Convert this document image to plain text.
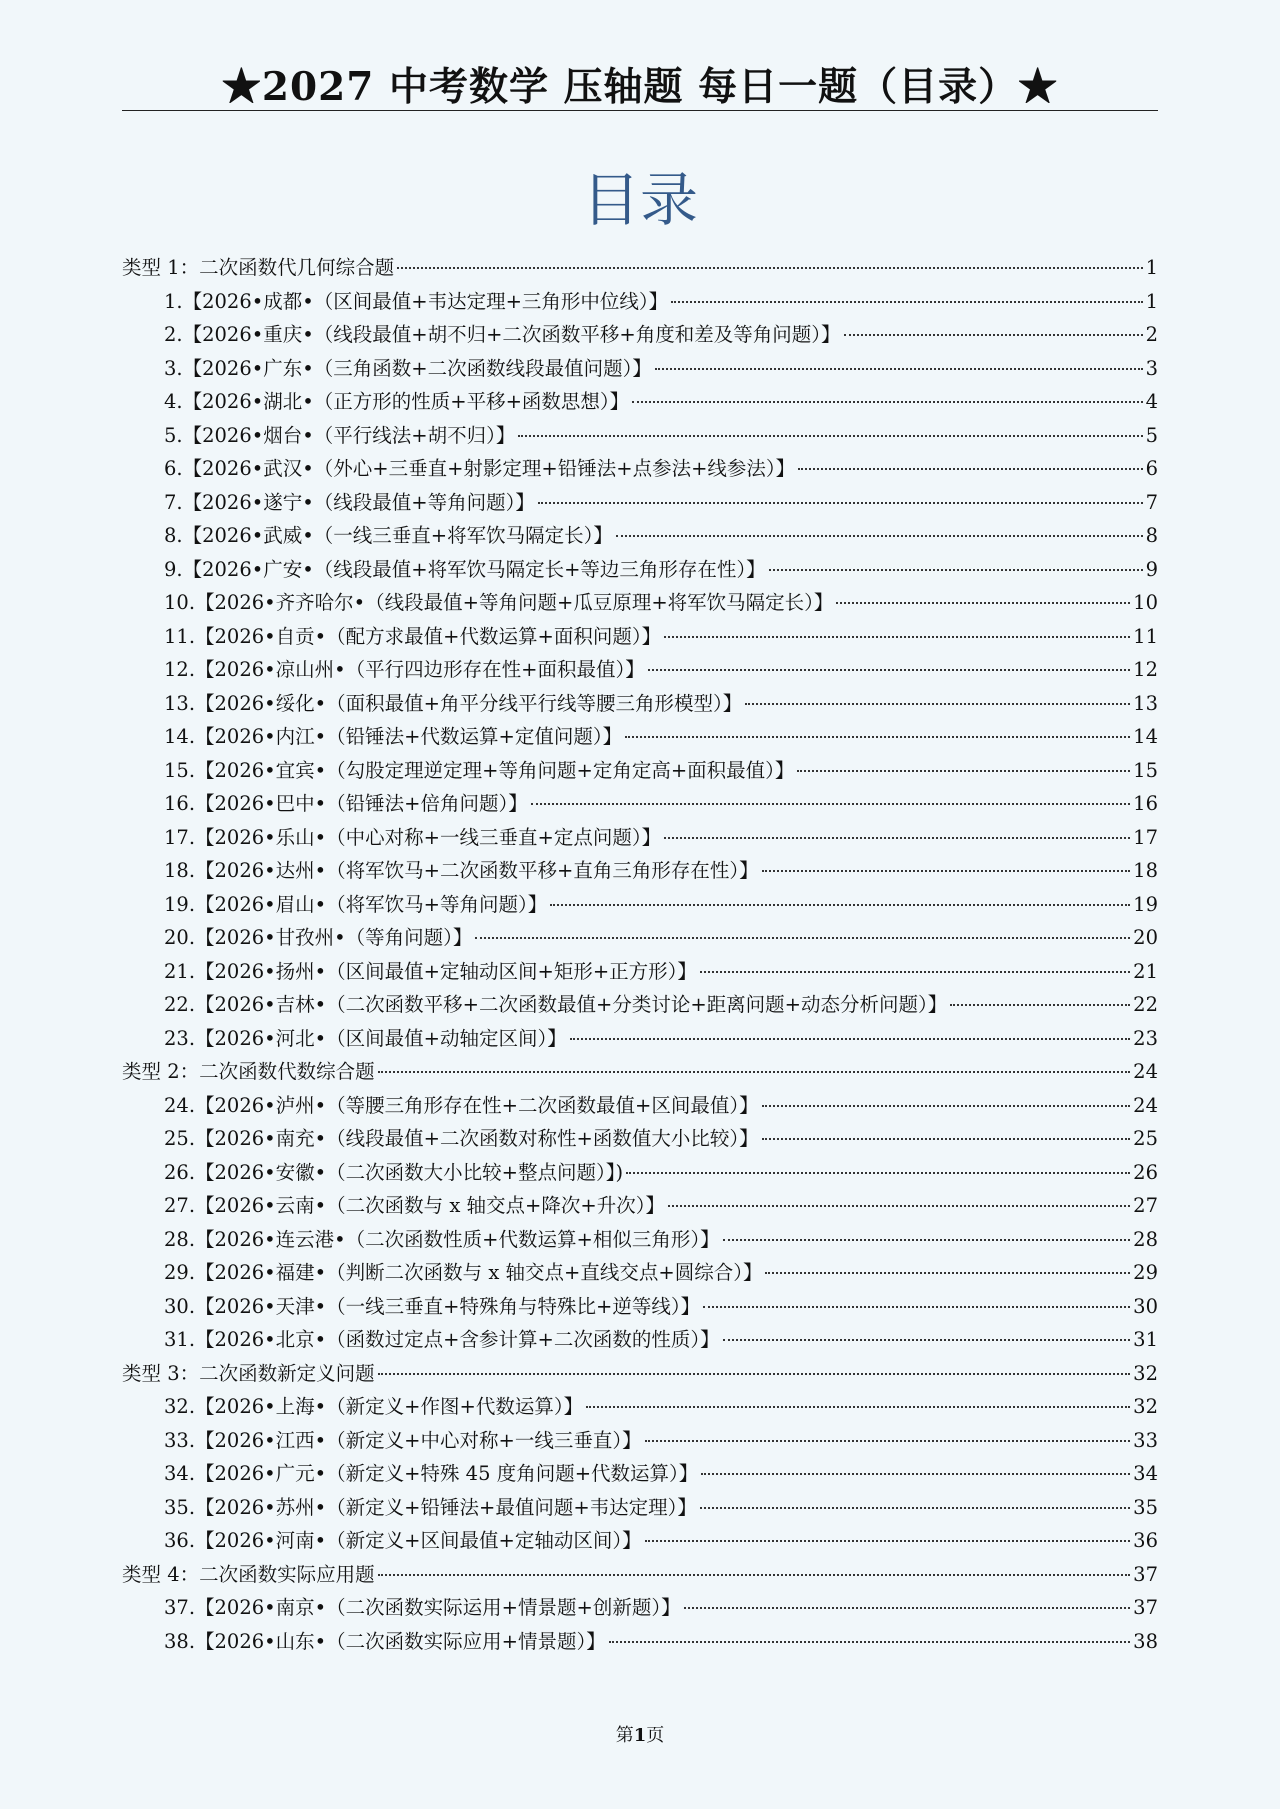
★2027 中考数学 压轴题 每日一题（目录）★
目录
类型 1：二次函数代几何综合题	1
1.【2026•成都•（区间最值+韦达定理+三角形中位线）】	1
2.【2026•重庆•（线段最值+胡不归+二次函数平移+角度和差及等角问题）】	2
3.【2026•广东•（三角函数+二次函数线段最值问题）】	3
4.【2026•湖北•（正方形的性质+平移+函数思想）】	4
5.【2026•烟台•（平行线法+胡不归）】	5
6.【2026•武汉•（外心+三垂直+射影定理+铅锤法+点参法+线参法）】	6
7.【2026•遂宁•（线段最值+等角问题）】	7
8.【2026•武威•（一线三垂直+将军饮马隔定长）】	8
9.【2026•广安•（线段最值+将军饮马隔定长+等边三角形存在性）】	9
10.【2026•齐齐哈尔•（线段最值+等角问题+瓜豆原理+将军饮马隔定长）】	10
11.【2026•自贡•（配方求最值+代数运算+面积问题）】	11
12.【2026•凉山州•（平行四边形存在性+面积最值）】	12
13.【2026•绥化•（面积最值+角平分线平行线等腰三角形模型）】	13
14.【2026•内江•（铅锤法+代数运算+定值问题）】	14
15.【2026•宜宾•（勾股定理逆定理+等角问题+定角定高+面积最值）】	15
16.【2026•巴中•（铅锤法+倍角问题）】	16
17.【2026•乐山•（中心对称+一线三垂直+定点问题）】	17
18.【2026•达州•（将军饮马+二次函数平移+直角三角形存在性）】	18
19.【2026•眉山•（将军饮马+等角问题）】	19
20.【2026•甘孜州•（等角问题）】	20
21.【2026•扬州•（区间最值+定轴动区间+矩形+正方形）】	21
22.【2026•吉林•（二次函数平移+二次函数最值+分类讨论+距离问题+动态分析问题）】	22
23.【2026•河北•（区间最值+动轴定区间）】	23
类型 2：二次函数代数综合题	24
24.【2026•泸州•（等腰三角形存在性+二次函数最值+区间最值）】	24
25.【2026•南充•（线段最值+二次函数对称性+函数值大小比较）】	25
26.【2026•安徽•（二次函数大小比较+整点问题）】)	26
27.【2026•云南•（二次函数与 x 轴交点+降次+升次）】	27
28.【2026•连云港•（二次函数性质+代数运算+相似三角形）】	28
29.【2026•福建•（判断二次函数与 x 轴交点+直线交点+圆综合）】	29
30.【2026•天津•（一线三垂直+特殊角与特殊比+逆等线）】	30
31.【2026•北京•（函数过定点+含参计算+二次函数的性质）】	31
类型 3：二次函数新定义问题	32
32.【2026•上海•（新定义+作图+代数运算）】	32
33.【2026•江西•（新定义+中心对称+一线三垂直）】	33
34.【2026•广元•（新定义+特殊 45 度角问题+代数运算）】	34
35.【2026•苏州•（新定义+铅锤法+最值问题+韦达定理）】	35
36.【2026•河南•（新定义+区间最值+定轴动区间）】	36
类型 4：二次函数实际应用题	37
37.【2026•南京•（二次函数实际运用+情景题+创新题）】	37
38.【2026•山东•（二次函数实际应用+情景题）】	38
第1页
